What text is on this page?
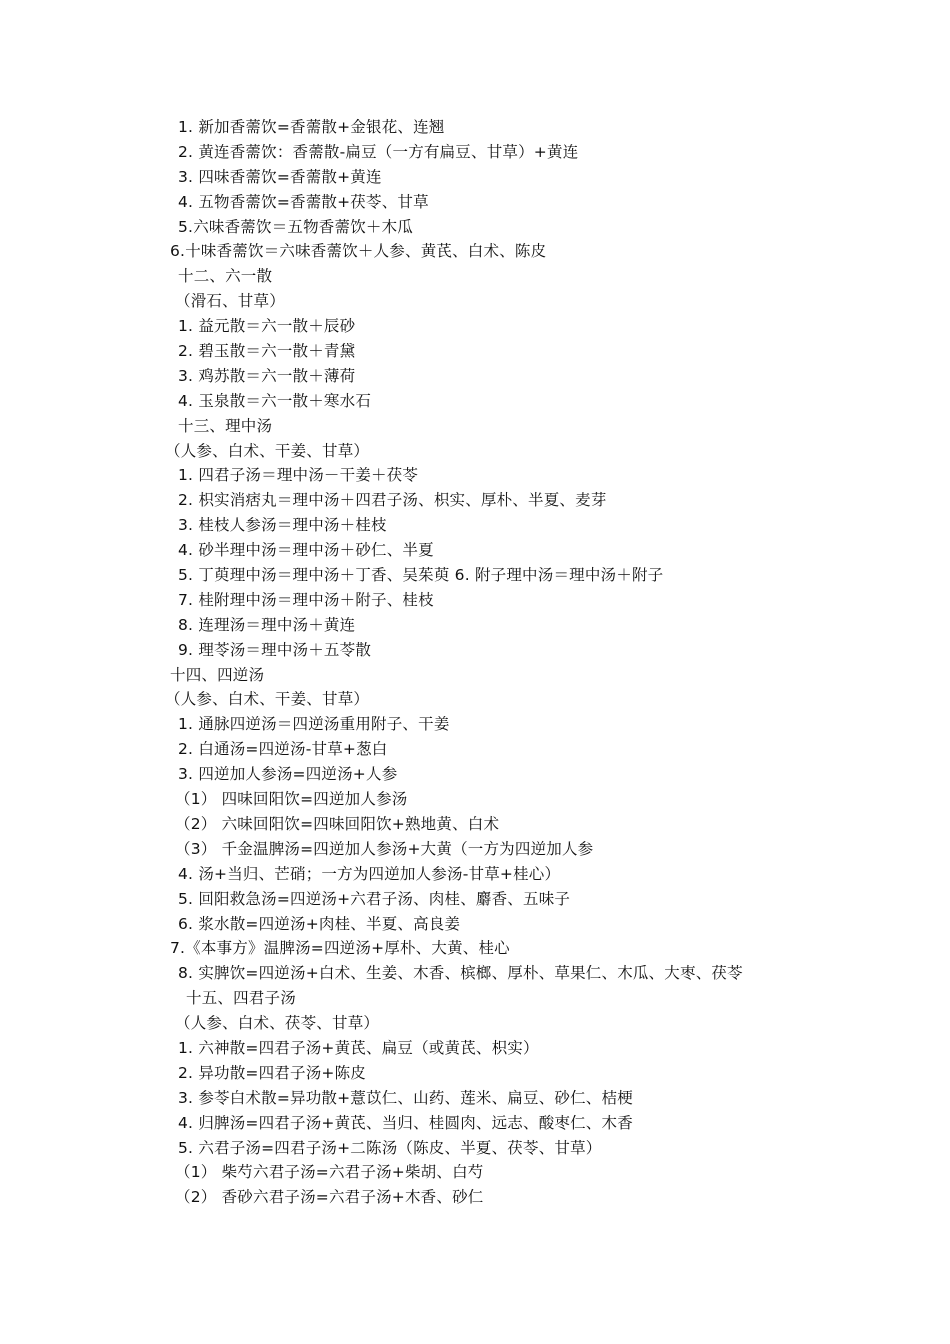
1. 新加香薷饮=香薷散+金银花、连翘
2. 黄连香薷饮：香薷散-扁豆（一方有扁豆、甘草）+黄连
3. 四味香薷饮=香薷散+黄连
4. 五物香薷饮=香薷散+茯苓、甘草
5.六味香薷饮＝五物香薷饮＋木瓜
6.十味香薷饮＝六味香薷饮＋人参、黄芪、白术、陈皮
十二、六一散
（滑石、甘草）
1. 益元散＝六一散＋辰砂
2. 碧玉散＝六一散＋青黛
3. 鸡苏散＝六一散＋薄荷
4. 玉泉散＝六一散＋寒水石
十三、理中汤
（人参、白术、干姜、甘草）
1. 四君子汤＝理中汤－干姜＋茯苓
2. 枳实消痞丸＝理中汤＋四君子汤、枳实、厚朴、半夏、麦芽
3. 桂枝人参汤＝理中汤＋桂枝
4. 砂半理中汤＝理中汤＋砂仁、半夏
5. 丁萸理中汤＝理中汤＋丁香、吴茱萸 6. 附子理中汤＝理中汤＋附子
7. 桂附理中汤＝理中汤＋附子、桂枝
8. 连理汤＝理中汤＋黄连
9. 理苓汤＝理中汤＋五苓散
十四、四逆汤
（人参、白术、干姜、甘草）
1. 通脉四逆汤＝四逆汤重用附子、干姜
2. 白通汤=四逆汤-甘草+葱白
3. 四逆加人参汤=四逆汤+人参
（1） 四味回阳饮=四逆加人参汤
（2） 六味回阳饮=四味回阳饮+熟地黄、白术
（3） 千金温脾汤=四逆加人参汤+大黄（一方为四逆加人参
4. 汤+当归、芒硝；一方为四逆加人参汤-甘草+桂心）
5. 回阳救急汤=四逆汤+六君子汤、肉桂、麝香、五味子
6. 浆水散=四逆汤+肉桂、半夏、高良姜
7.《本事方》温脾汤=四逆汤+厚朴、大黄、桂心
8. 实脾饮=四逆汤+白术、生姜、木香、槟榔、厚朴、草果仁、木瓜、大枣、茯苓
十五、四君子汤
（人参、白术、茯苓、甘草）
1. 六神散=四君子汤+黄芪、扁豆（或黄芪、枳实）
2. 异功散=四君子汤+陈皮
3. 参苓白术散=异功散+薏苡仁、山药、莲米、扁豆、砂仁、桔梗
4. 归脾汤=四君子汤+黄芪、当归、桂圆肉、远志、酸枣仁、木香
5. 六君子汤=四君子汤+二陈汤（陈皮、半夏、茯苓、甘草）
（1） 柴芍六君子汤=六君子汤+柴胡、白芍
（2） 香砂六君子汤=六君子汤+木香、砂仁
